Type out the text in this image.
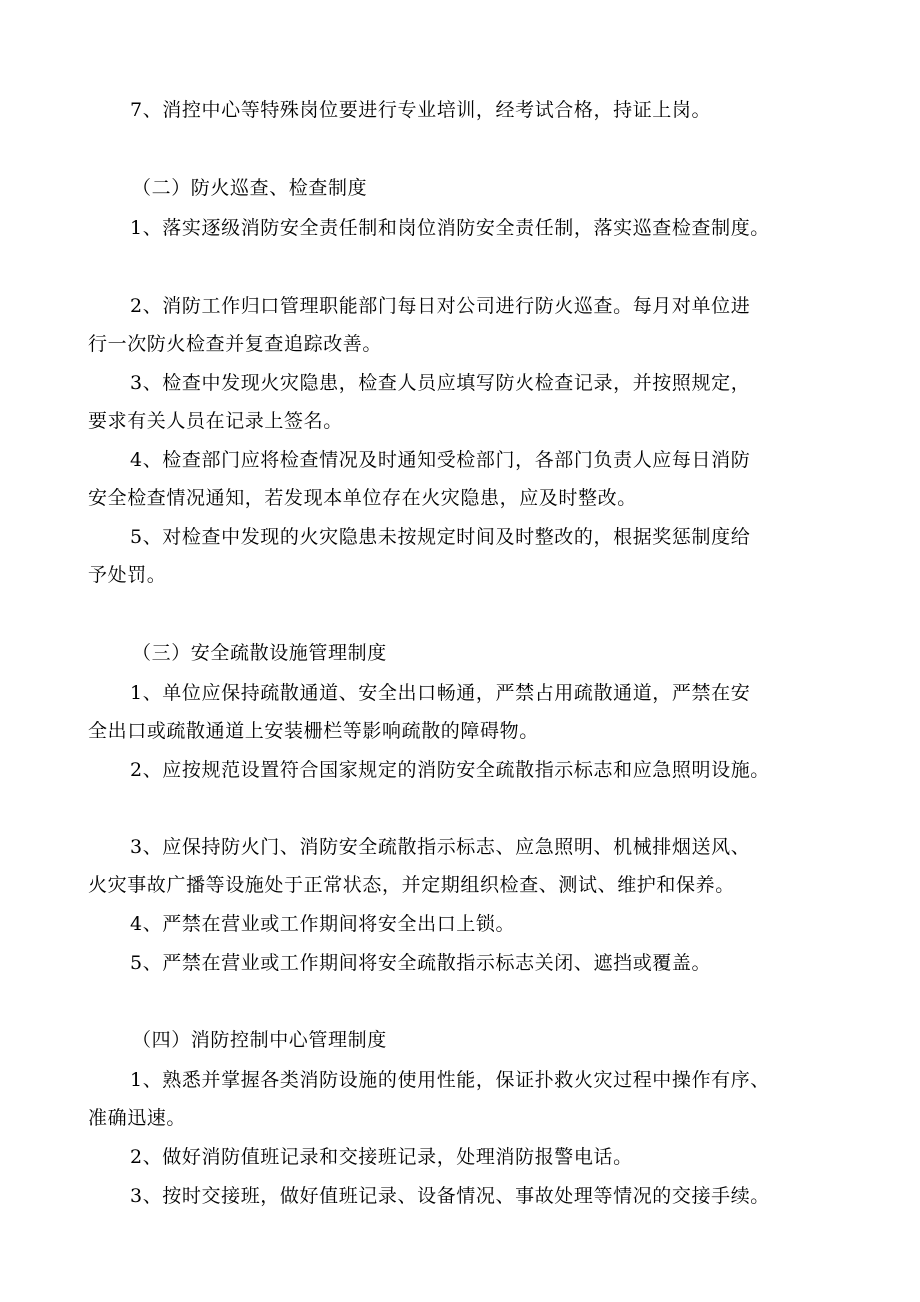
7、消控中心等特殊岗位要进行专业培训，经考试合格，持证上岗。
（二）防火巡查、检查制度
1、落实逐级消防安全责任制和岗位消防安全责任制，落实巡查检查制度。
2、消防工作归口管理职能部门每日对公司进行防火巡查。每月对单位进
行一次防火检查并复查追踪改善。
3、检查中发现火灾隐患，检查人员应填写防火检查记录，并按照规定，
要求有关人员在记录上签名。
4、检查部门应将检查情况及时通知受检部门，各部门负责人应每日消防
安全检查情况通知，若发现本单位存在火灾隐患，应及时整改。
5、对检查中发现的火灾隐患未按规定时间及时整改的，根据奖惩制度给
予处罚。
（三）安全疏散设施管理制度
1、单位应保持疏散通道、安全出口畅通，严禁占用疏散通道，严禁在安
全出口或疏散通道上安装栅栏等影响疏散的障碍物。
2、应按规范设置符合国家规定的消防安全疏散指示标志和应急照明设施。
3、应保持防火门、消防安全疏散指示标志、应急照明、机械排烟送风、
火灾事故广播等设施处于正常状态，并定期组织检查、测试、维护和保养。
4、严禁在营业或工作期间将安全出口上锁。
5、严禁在营业或工作期间将安全疏散指示标志关闭、遮挡或覆盖。
（四）消防控制中心管理制度
1、熟悉并掌握各类消防设施的使用性能，保证扑救火灾过程中操作有序、
准确迅速。
2、做好消防值班记录和交接班记录，处理消防报警电话。
3、按时交接班，做好值班记录、设备情况、事故处理等情况的交接手续。
